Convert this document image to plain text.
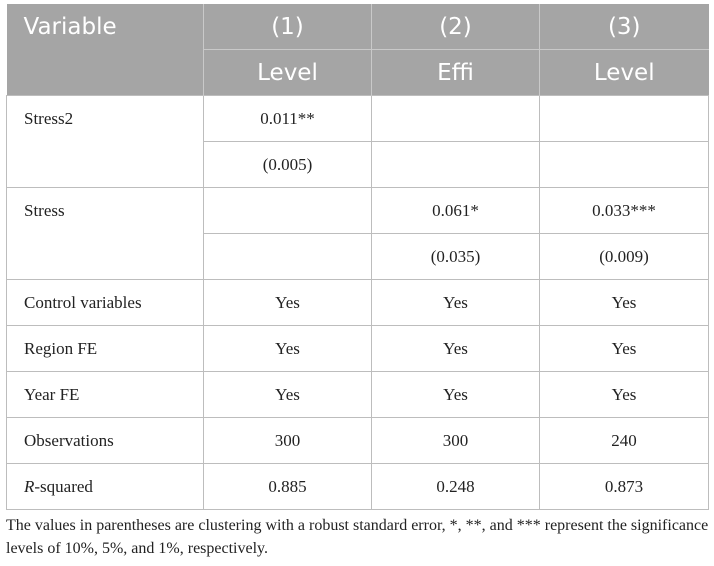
Variable	(1)	(2)	(3)
	Level	Effi	Level
Stress2	0.011**		
	(0.005)		
Stress		0.061*	0.033***
		(0.035)	(0.009)
Control variables	Yes	Yes	Yes
Region FE	Yes	Yes	Yes
Year FE	Yes	Yes	Yes
Observations	300	300	240
R-squared	0.885	0.248	0.873
The values in parentheses are clustering with a robust standard error, *, **, and *** represent the significance levels of 10%, 5%, and 1%, respectively.
